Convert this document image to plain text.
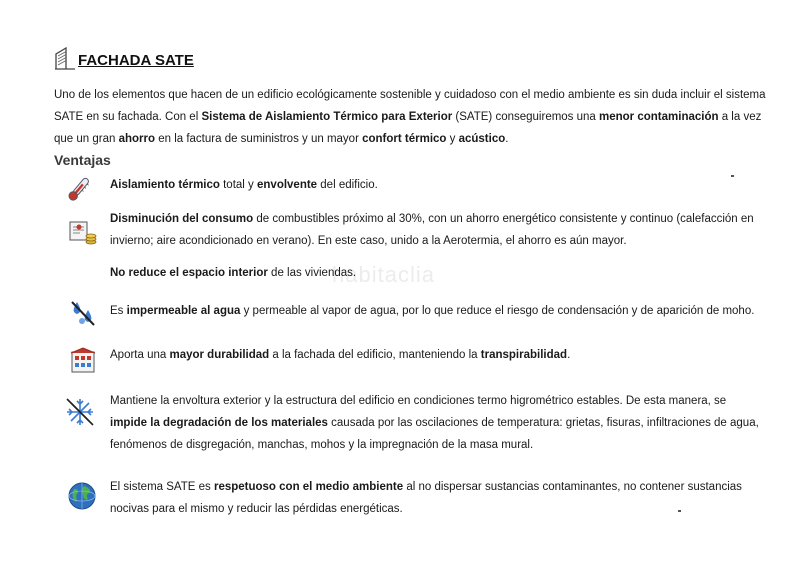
FACHADA SATE
Uno de los elementos que hacen de un edificio ecológicamente sostenible y cuidadoso con el medio ambiente es sin duda incluir el sistema SATE en su fachada. Con el Sistema de Aislamiento Térmico para Exterior (SATE) conseguiremos una menor contaminación a la vez que un gran ahorro en la factura de suministros y un mayor confort térmico y acústico.
Ventajas
habitaclia
Aislamiento térmico total y envolvente del edificio.
Disminución del consumo de combustibles próximo al 30%, con un ahorro energético consistente y continuo (calefacción en invierno; aire acondicionado en verano). En este caso, unido a la Aerotermia, el ahorro es aún mayor.
No reduce el espacio interior de las viviendas.
Es impermeable al agua y permeable al vapor de agua, por lo que reduce el riesgo de condensación y de aparición de moho.
Aporta una mayor durabilidad a la fachada del edificio, manteniendo la transpirabilidad.
Mantiene la envoltura exterior y la estructura del edificio en condiciones termo higrométrico estables. De esta manera, se impide la degradación de los materiales causada por las oscilaciones de temperatura: grietas, fisuras, infiltraciones de agua, fenómenos de disgregación, manchas, mohos y la impregnación de la masa mural.
El sistema SATE es respetuoso con el medio ambiente al no dispersar sustancias contaminantes, no contener sustancias nocivas para el mismo y reducir las pérdidas energéticas.
